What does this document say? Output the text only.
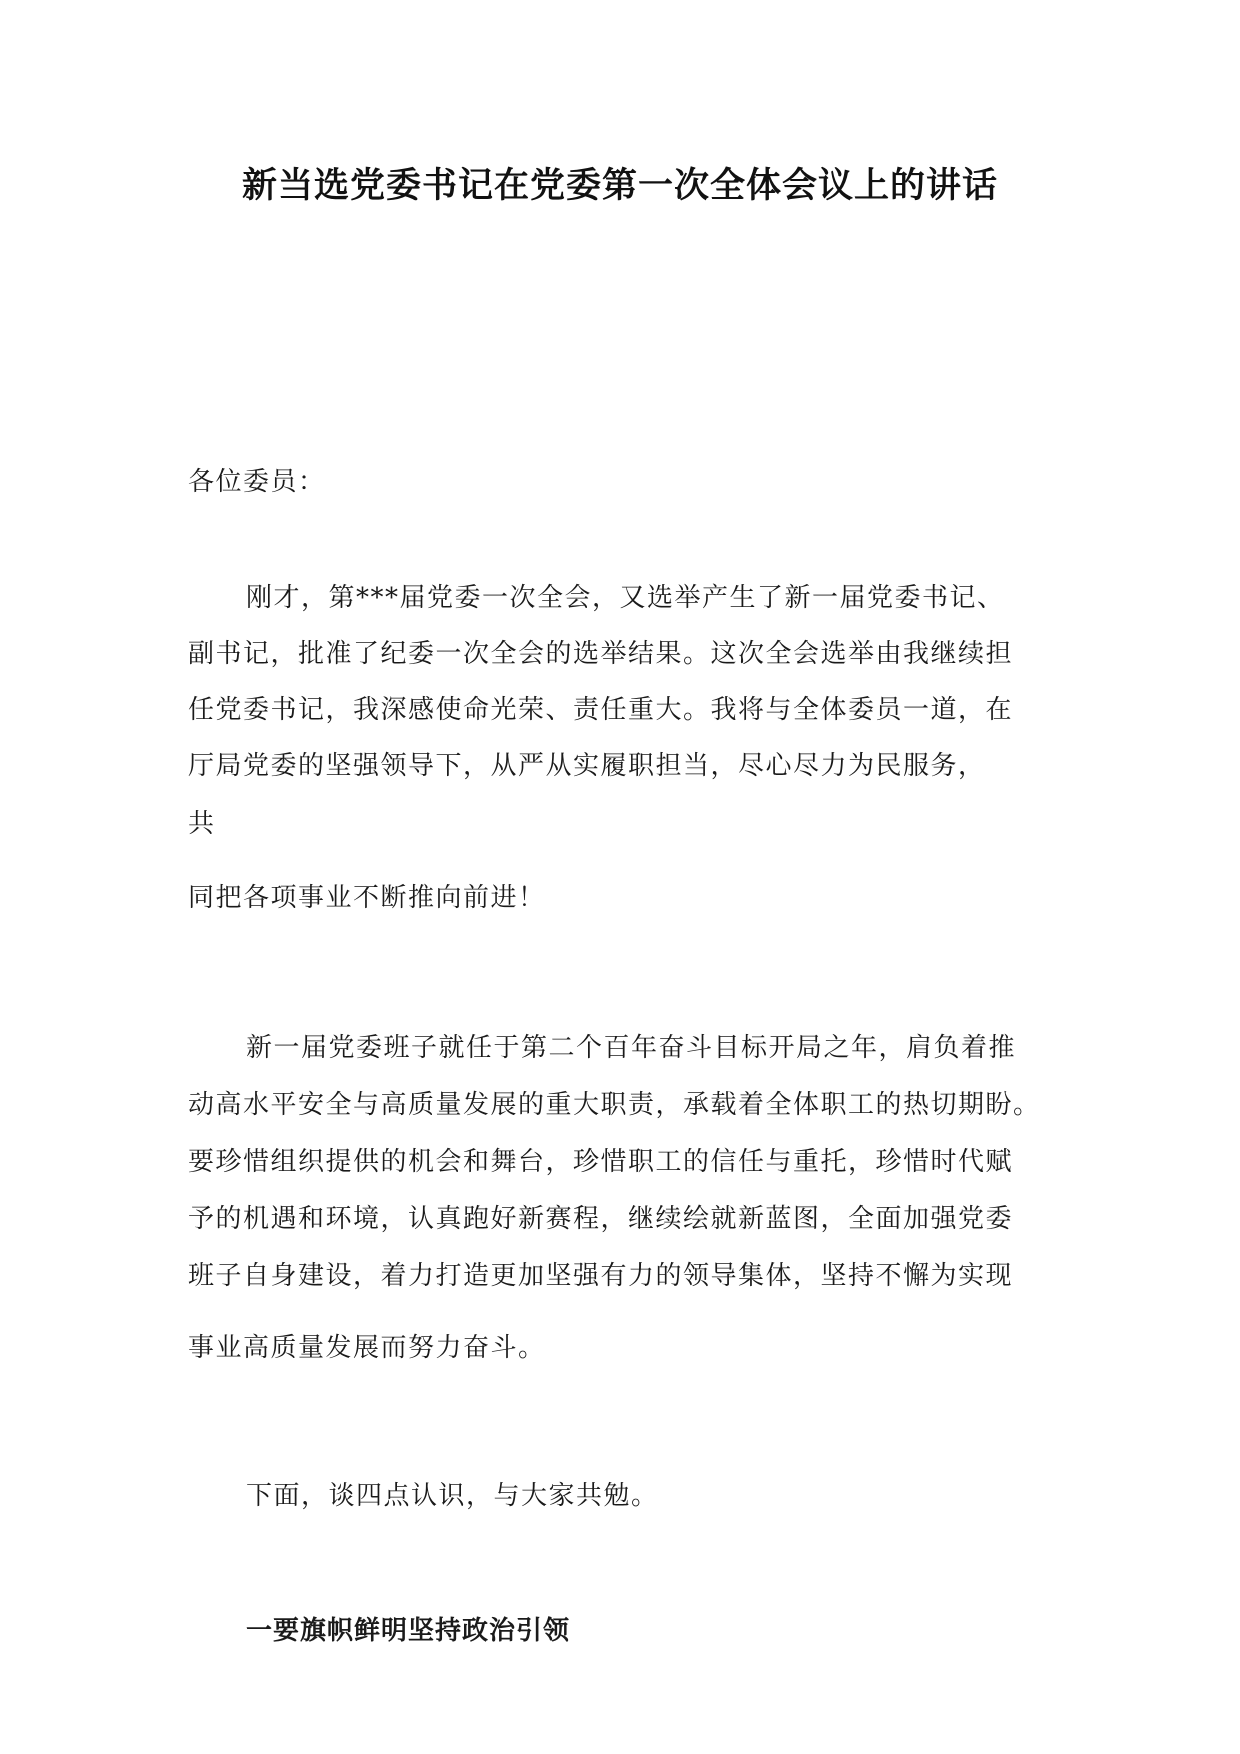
新当选党委书记在党委第一次全体会议上的讲话

各位委员：

刚才，第***届党委一次全会，又选举产生了新一届党委书记、

副书记，批准了纪委一次全会的选举结果。这次全会选举由我继续担

任党委书记，我深感使命光荣、责任重大。我将与全体委员一道，在

厅局党委的坚强领导下，从严从实履职担当，尽心尽力为民服务，

共

同把各项事业不断推向前进！

新一届党委班子就任于第二个百年奋斗目标开局之年，肩负着推

动高水平安全与高质量发展的重大职责，承载着全体职工的热切期盼。

要珍惜组织提供的机会和舞台，珍惜职工的信任与重托，珍惜时代赋

予的机遇和环境，认真跑好新赛程，继续绘就新蓝图，全面加强党委

班子自身建设，着力打造更加坚强有力的领导集体，坚持不懈为实现

事业高质量发展而努力奋斗。

下面，谈四点认识，与大家共勉。

一要旗帜鲜明坚持政治引领
